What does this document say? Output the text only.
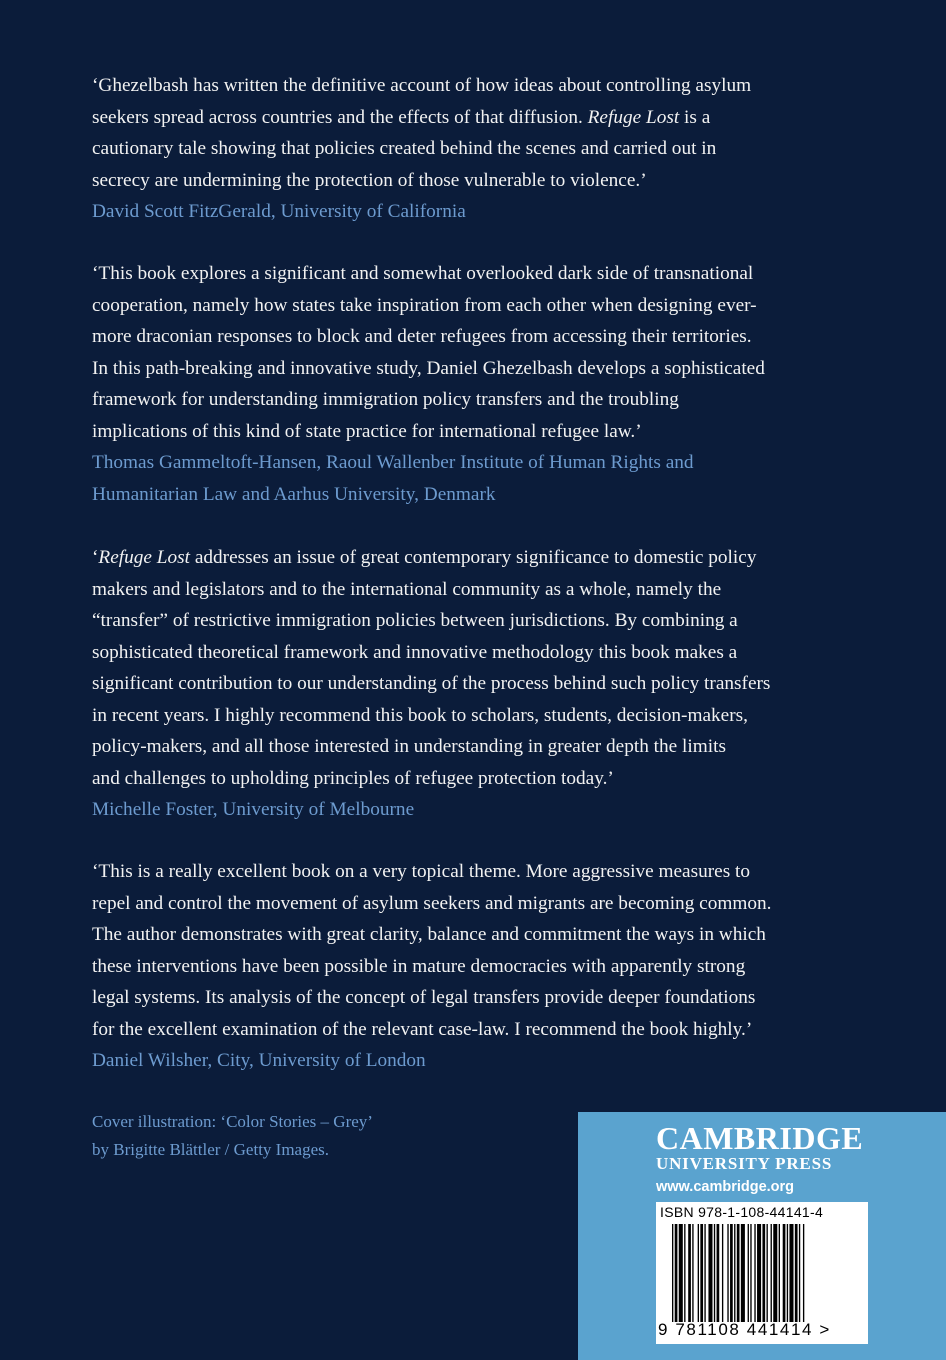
‘Ghezelbash has written the definitive account of how ideas about controlling asylum
seekers spread across countries and the effects of that diffusion. Refuge Lost is a
cautionary tale showing that policies created behind the scenes and carried out in
secrecy are undermining the protection of those vulnerable to violence.’
David Scott FitzGerald, University of California
‘This book explores a significant and somewhat overlooked dark side of transnational
cooperation, namely how states take inspiration from each other when designing ever-
more draconian responses to block and deter refugees from accessing their territories.
In this path-breaking and innovative study, Daniel Ghezelbash develops a sophisticated
framework for understanding immigration policy transfers and the troubling
implications of this kind of state practice for international refugee law.’
Thomas Gammeltoft-Hansen, Raoul Wallenber Institute of Human Rights and
Humanitarian Law and Aarhus University, Denmark
‘Refuge Lost addresses an issue of great contemporary significance to domestic policy
makers and legislators and to the international community as a whole, namely the
“transfer” of restrictive immigration policies between jurisdictions. By combining a
sophisticated theoretical framework and innovative methodology this book makes a
significant contribution to our understanding of the process behind such policy transfers
in recent years. I highly recommend this book to scholars, students, decision-makers,
policy-makers, and all those interested in understanding in greater depth the limits
and challenges to upholding principles of refugee protection today.’
Michelle Foster, University of Melbourne
‘This is a really excellent book on a very topical theme. More aggressive measures to
repel and control the movement of asylum seekers and migrants are becoming common.
The author demonstrates with great clarity, balance and commitment the ways in which
these interventions have been possible in mature democracies with apparently strong
legal systems. Its analysis of the concept of legal transfers provide deeper foundations
for the excellent examination of the relevant case-law. I recommend the book highly.’
Daniel Wilsher, City, University of London
Cover illustration: ‘Color Stories – Grey’
by Brigitte Blättler / Getty Images.	CAMBRIDGE
UNIVERSITY PRESS
www.cambridge.org
ISBN 978-1-108-44141-4
9 781108 441414 >
